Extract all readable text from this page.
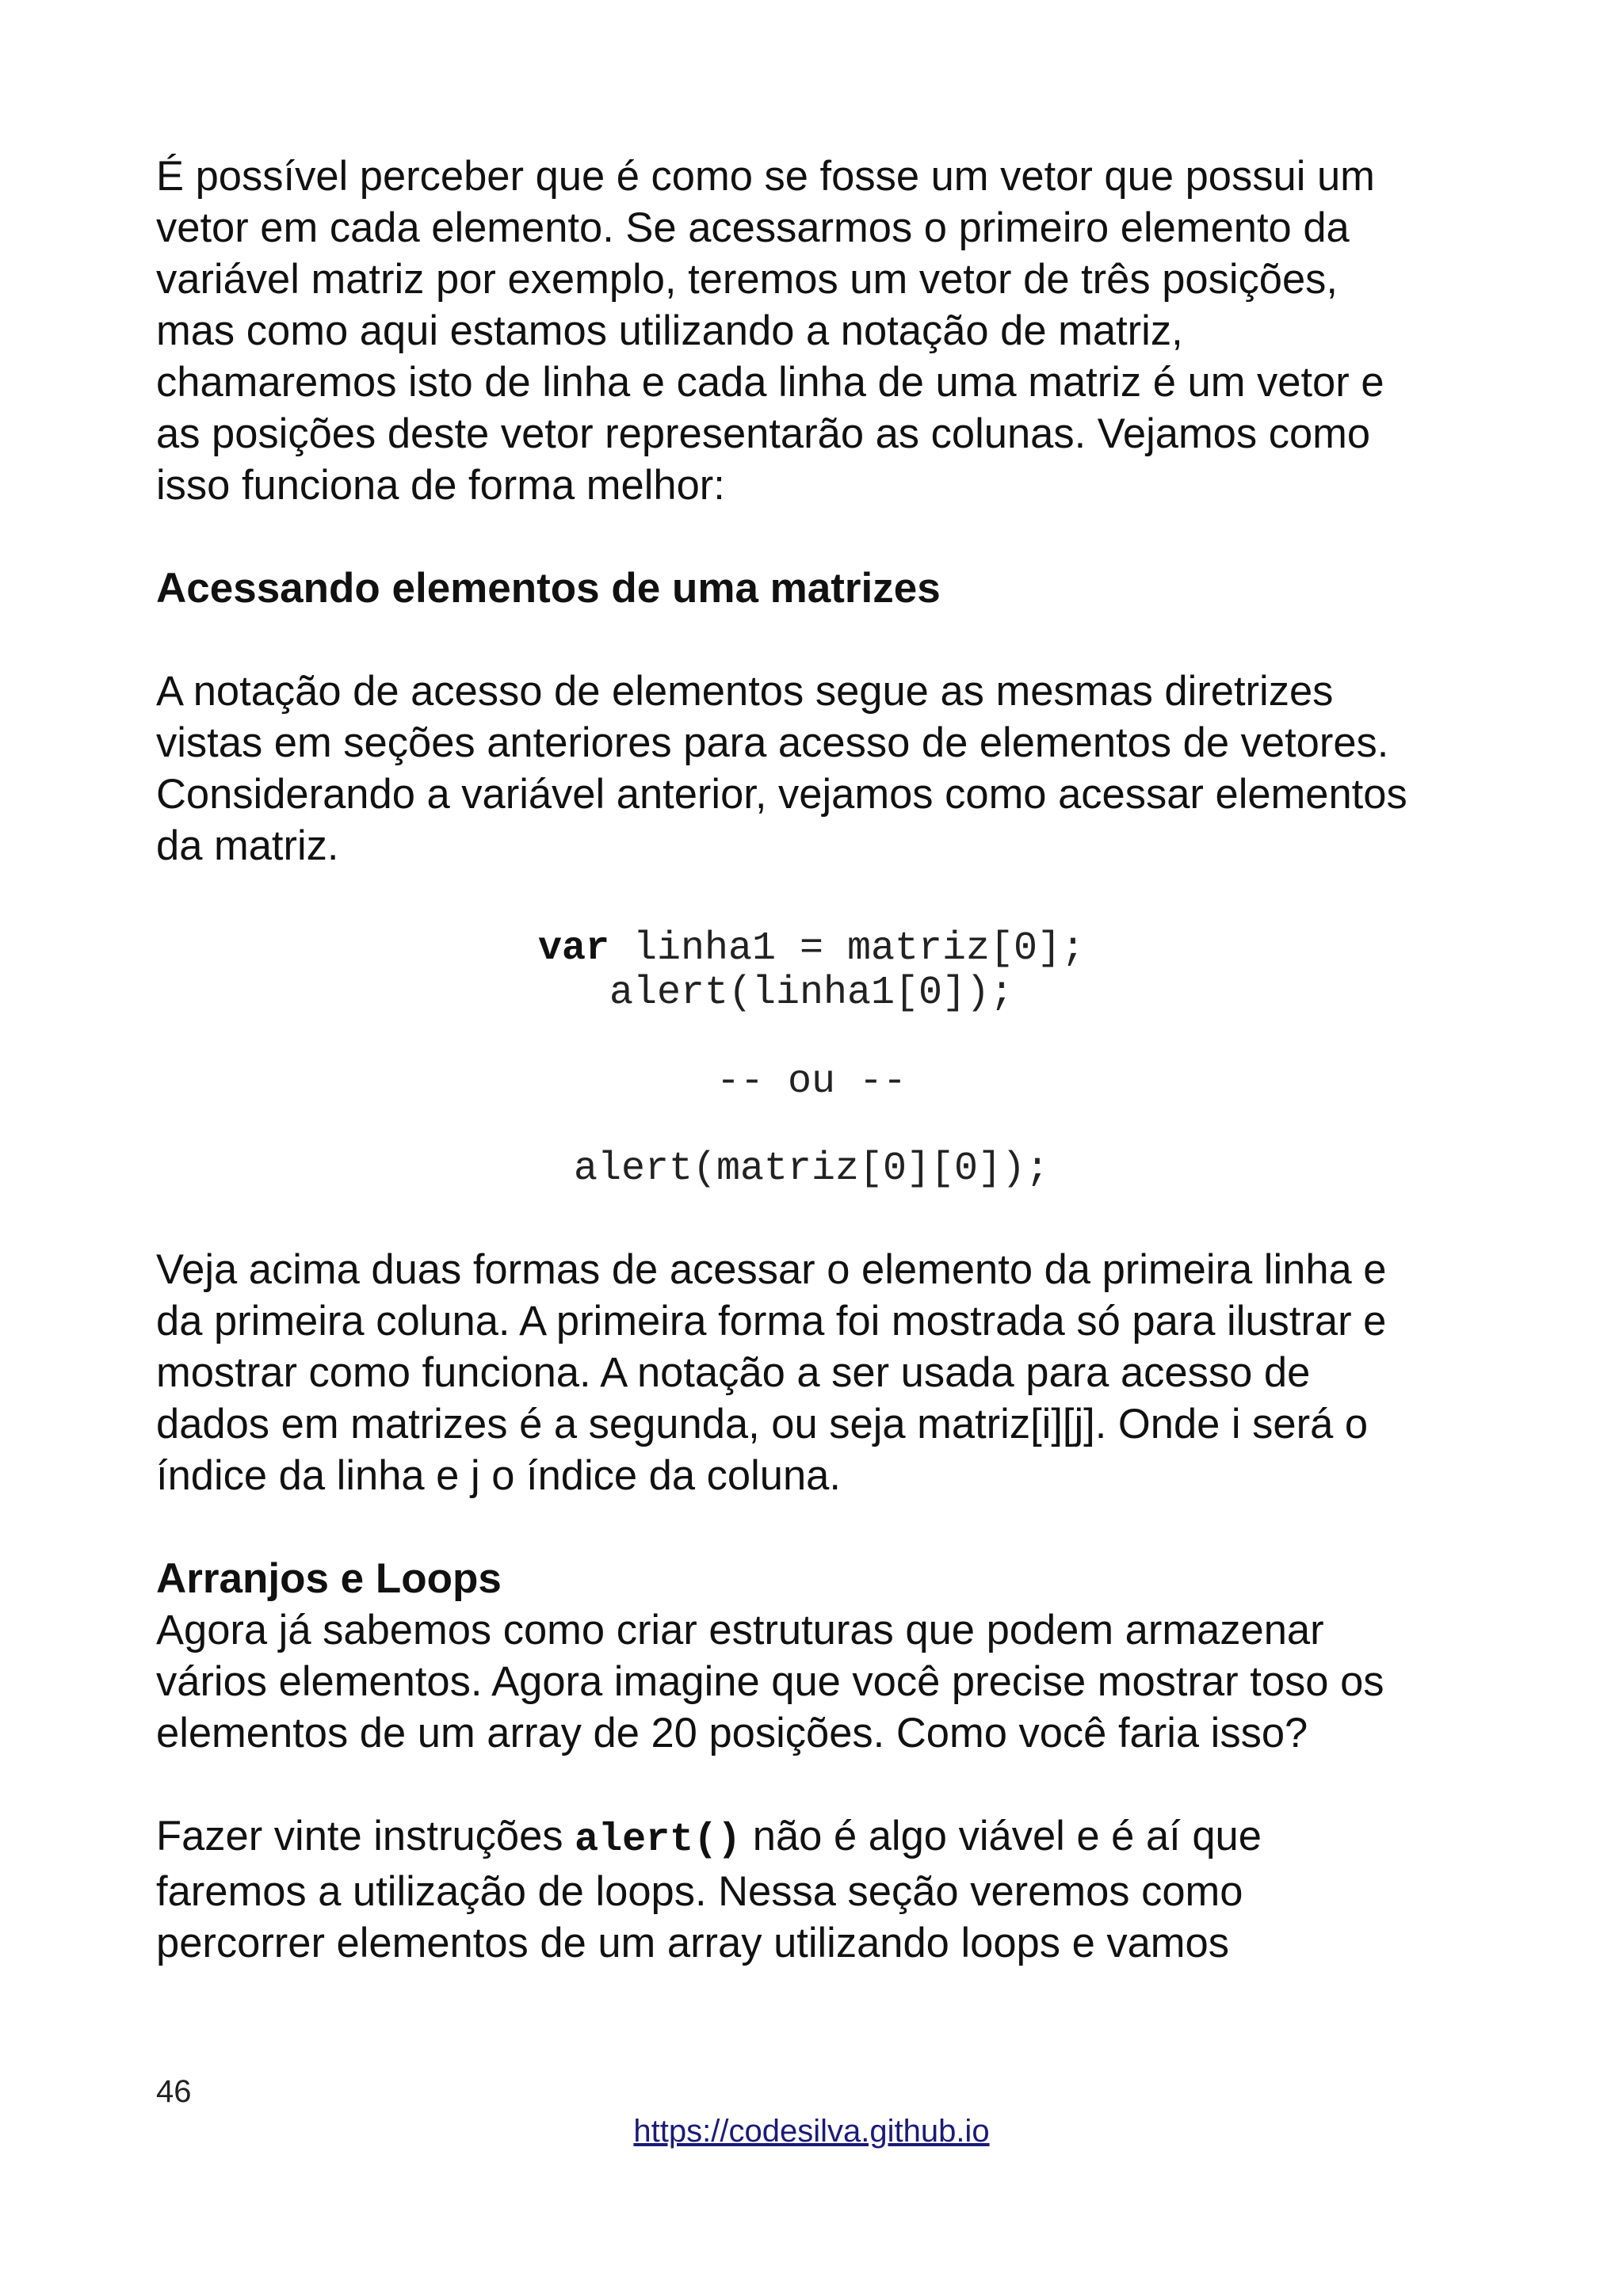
É possível perceber que é como se fosse um vetor que possui um
vetor em cada elemento. Se acessarmos o primeiro elemento da
variável matriz por exemplo, teremos um vetor de três posições,
mas como aqui estamos utilizando a notação de matriz,
chamaremos isto de linha e cada linha de uma matriz é um vetor e
as posições deste vetor representarão as colunas. Vejamos como
isso funciona de forma melhor:

Acessando elementos de uma matrizes

A notação de acesso de elementos segue as mesmas diretrizes
vistas em seções anteriores para acesso de elementos de vetores.
Considerando a variável anterior, vejamos como acessar elementos
da matriz.

var linha1 = matriz[0];
alert(linha1[0]);
-- ou --
alert(matriz[0][0]);

Veja acima duas formas de acessar o elemento da primeira linha e
da primeira coluna. A primeira forma foi mostrada só para ilustrar e
mostrar como funciona. A notação a ser usada para acesso de
dados em matrizes é a segunda, ou seja matriz[i][j]. Onde i será o
índice da linha e j o índice da coluna.

Arranjos e Loops

Agora já sabemos como criar estruturas que podem armazenar
vários elementos. Agora imagine que você precise mostrar toso os
elementos de um array de 20 posições. Como você faria isso?

Fazer vinte instruções alert() não é algo viável e é aí que
faremos a utilização de loops. Nessa seção veremos como
percorrer elementos de um array utilizando loops e vamos

46
https://codesilva.github.io
